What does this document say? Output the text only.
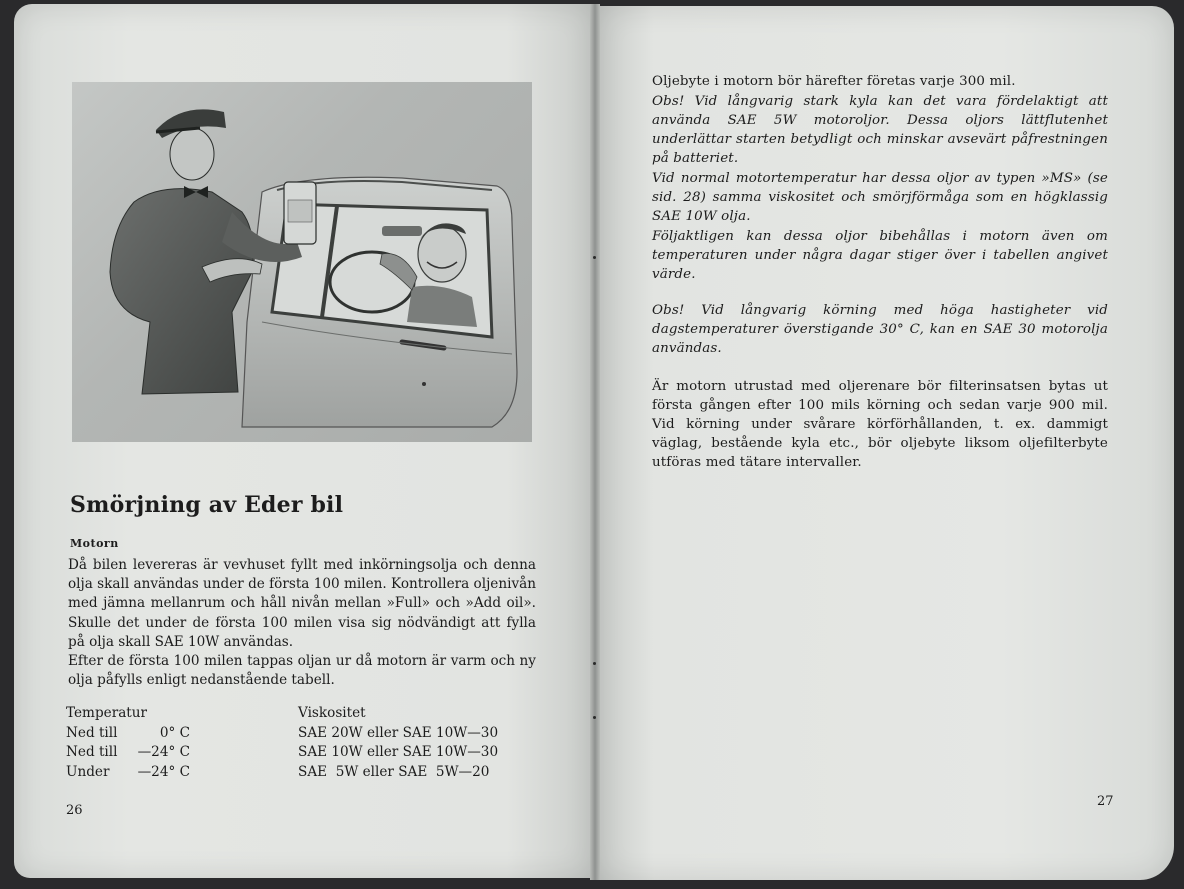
Smörjning av Eder bil
Motorn

Då bilen levereras är vevhuset fyllt med inkörningsolja och denna olja skall användas under de första 100 milen. Kontrollera oljenivån med jämna mellanrum och håll nivån mellan »Full» och »Add oil». Skulle det under de första 100 milen visa sig nödvändigt att fylla på olja skall SAE 10W användas.

Efter de första 100 milen tappas oljan ur då motorn är varm och ny olja påfylls enligt nedanstående tabell.

Temperatur	Viskositet
Ned till	0° C	SAE 20W eller SAE 10W—30
Ned till —24° C	SAE 10W eller SAE 10W—30
Under —24° C	SAE  5W eller SAE  5W—20
26

Oljebyte i motorn bör härefter företas varje 300 mil.

Obs! Vid långvarig stark kyla kan det vara fördelaktigt att använda SAE 5W motoroljor. Dessa oljors lättflutenhet underlättar starten betydligt och minskar avsevärt påfrestningen på batteriet.

Vid normal motortemperatur har dessa oljor av typen »MS» (se sid. 28) samma viskositet och smörjförmåga som en högklassig SAE 10W olja.

Följaktligen kan dessa oljor bibehållas i motorn även om temperaturen under några dagar stiger över i tabellen angivet värde.

Obs! Vid långvarig körning med höga hastigheter vid dagstemperaturer överstigande 30° C, kan en SAE 30 motorolja användas.

Är motorn utrustad med oljerenare bör filterinsatsen bytas ut första gången efter 100 mils körning och sedan varje 900 mil. Vid körning under svårare körförhållanden, t. ex. dammigt väglag, bestående kyla etc., bör oljebyte liksom oljefilterbyte utföras med tätare intervaller.

27
